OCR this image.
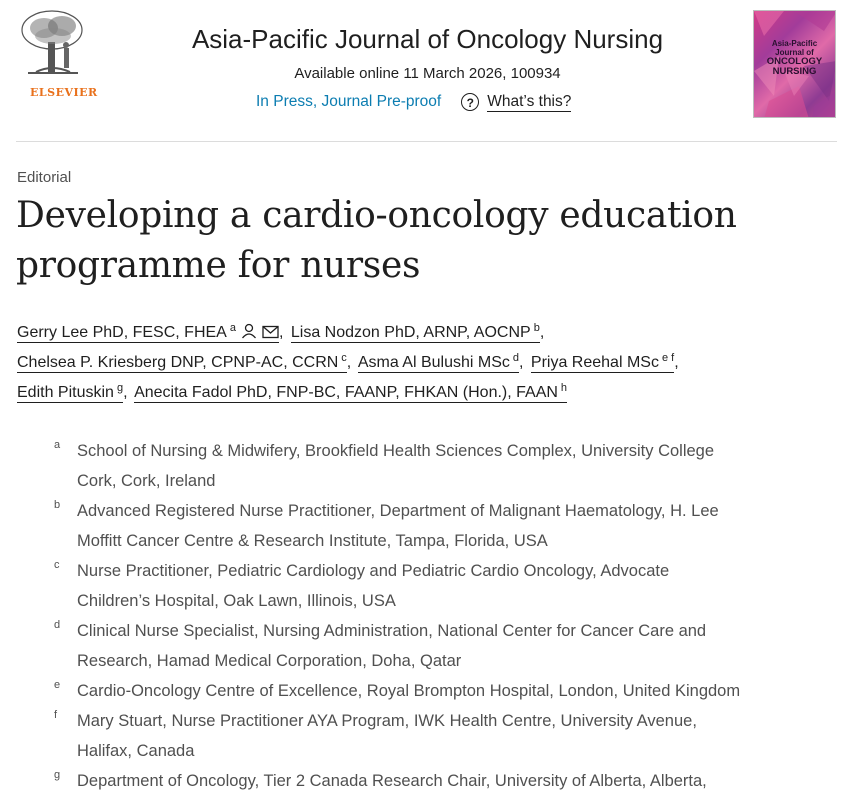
ELSEVIER
Asia-Pacific Journal of Oncology Nursing
Available online 11 March 2026, 100934
In Press, Journal Pre-proof	? What’s this?
Asia-Pacific Journal of
ONCOLOGY
NURSING
Editorial
Developing a cardio-oncology education programme for nurses
Gerry Lee PhD, FESC, FHEA $^a$	, Lisa Nodzon PhD, ARNP, AOCNP $^b$,
Chelsea P. Kriesberg DNP, CPNP-AC, CCRN $^c$, Asma Al Bulushi MSc $^d$, Priya Reehal MSc $^{e f}$,
Edith Pituskin $^g$, Anecita Fadol PhD, FNP-BC, FAANP, FHKAN (Hon.), FAAN $^h$
a School of Nursing & Midwifery, Brookfield Health Sciences Complex, University College
Cork, Cork, Ireland
b Advanced Registered Nurse Practitioner, Department of Malignant Haematology, H. Lee
Moffitt Cancer Centre & Research Institute, Tampa, Florida, USA
c Nurse Practitioner, Pediatric Cardiology and Pediatric Cardio Oncology, Advocate
Children’s Hospital, Oak Lawn, Illinois, USA
d Clinical Nurse Specialist, Nursing Administration, National Center for Cancer Care and
Research, Hamad Medical Corporation, Doha, Qatar
e Cardio-Oncology Centre of Excellence, Royal Brompton Hospital, London, United Kingdom
f Mary Stuart, Nurse Practitioner AYA Program, IWK Health Centre, University Avenue,
Halifax, Canada
g Department of Oncology, Tier 2 Canada Research Chair, University of Alberta, Alberta,
